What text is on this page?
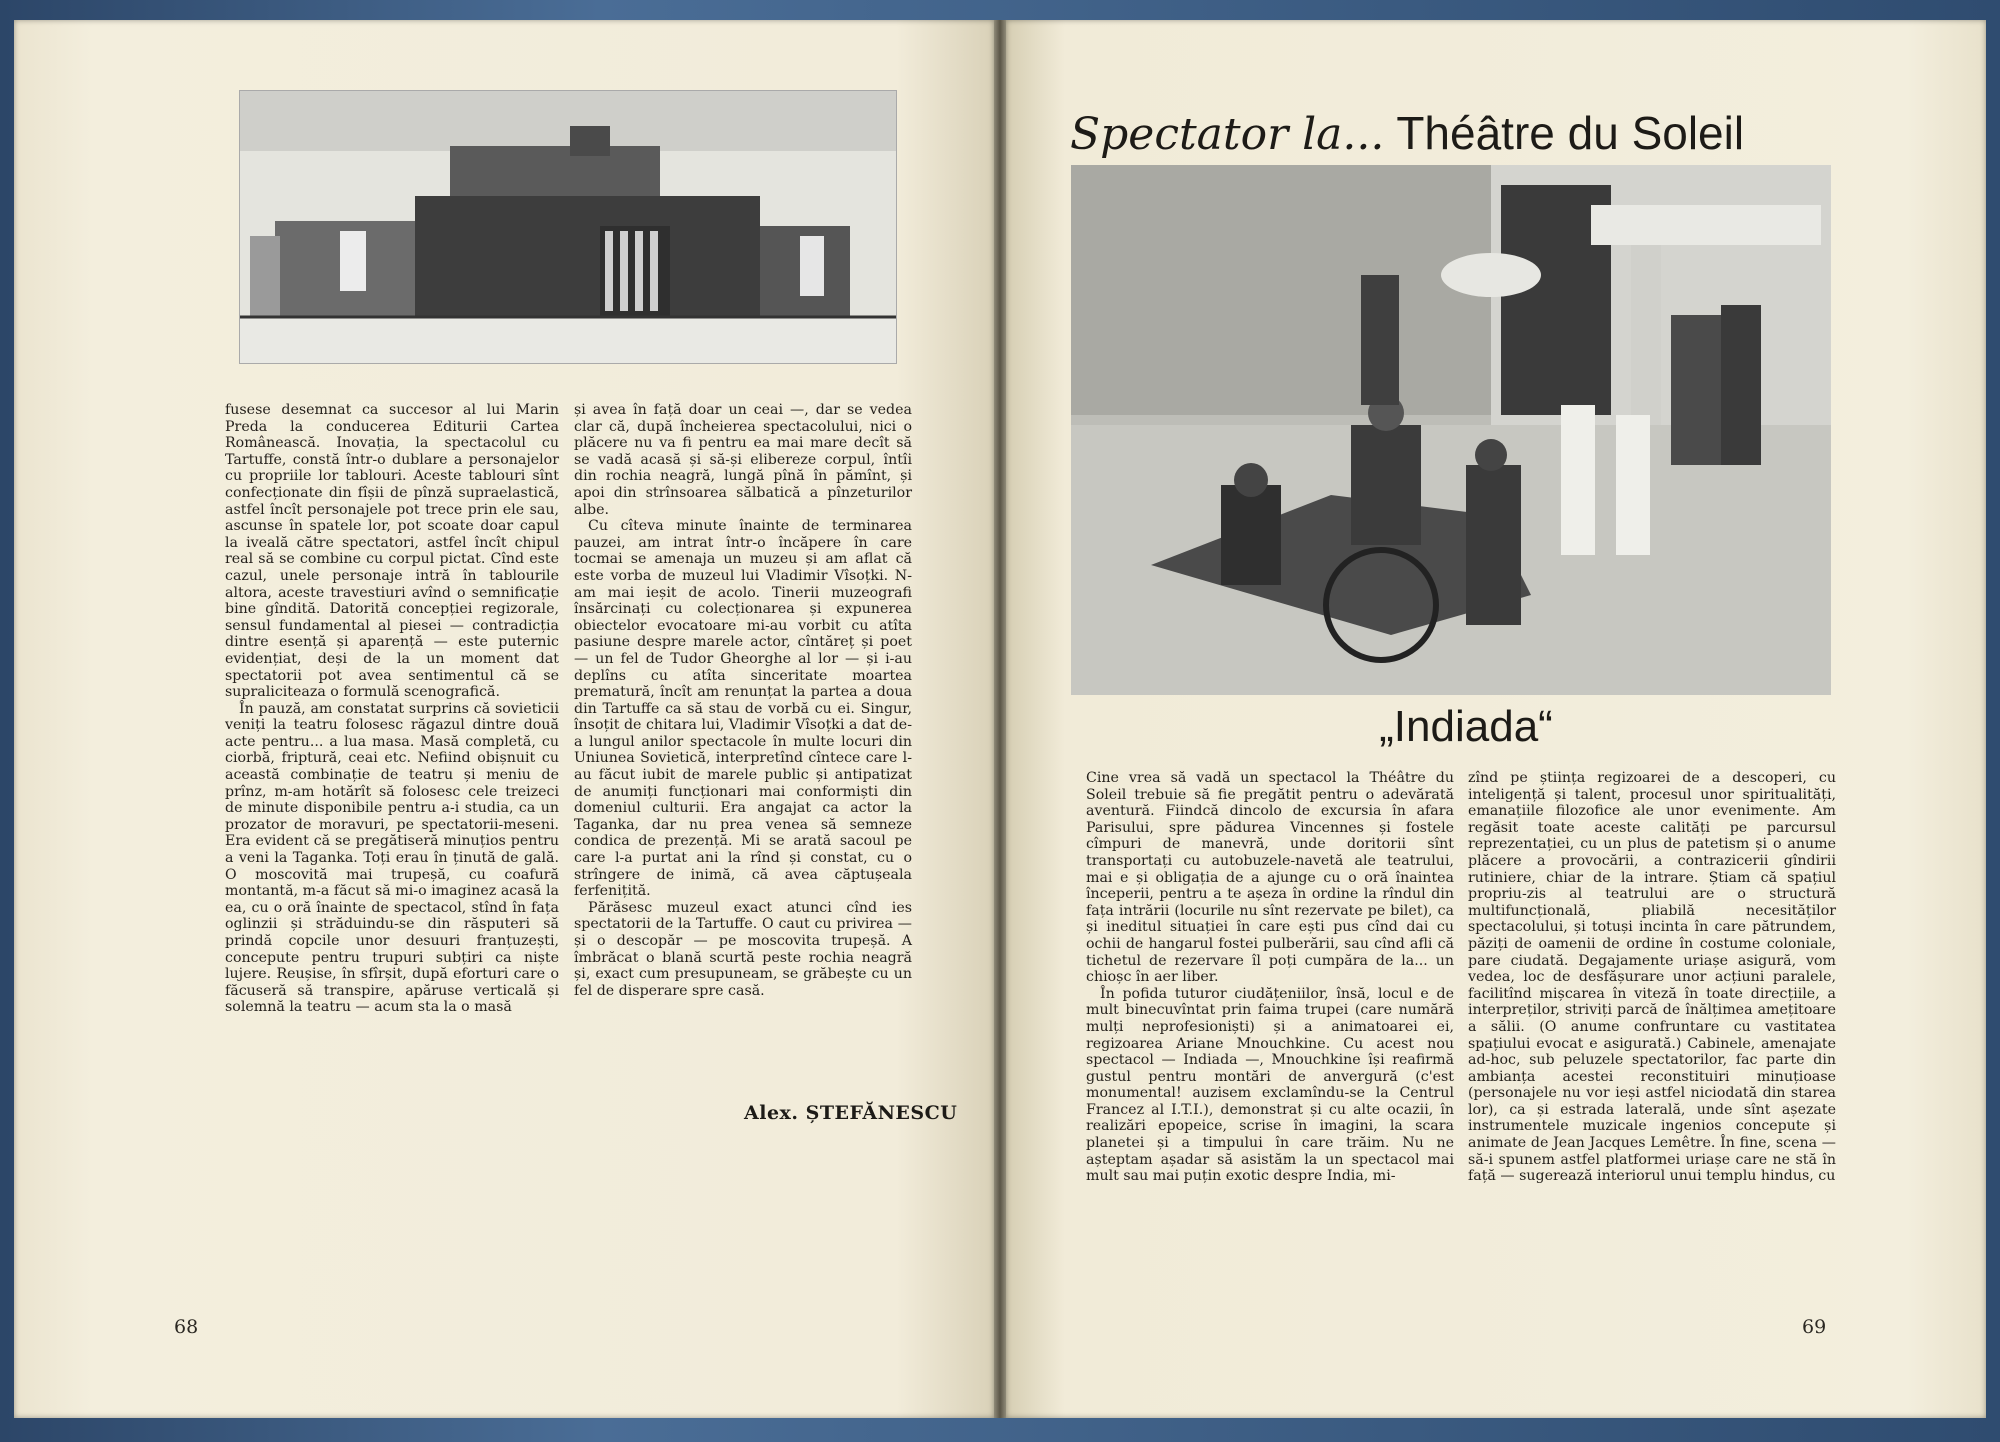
fusese desemnat ca succesor al lui Marin Preda la conducerea Editurii Cartea Românească. Inovația, la spectacolul cu Tartuffe, constă într-o dublare a personajelor cu propriile lor tablouri. Aceste tablouri sînt confecționate din fîșii de pînză supraelastică, astfel încît personajele pot trece prin ele sau, ascunse în spatele lor, pot scoate doar capul la iveală către spectatori, astfel încît chipul real să se combine cu corpul pictat. Cînd este cazul, unele personaje intră în tablourile altora, aceste travestiuri avînd o semnificație bine gîndită. Datorită concepției regizorale, sensul fundamental al piesei — contradicția dintre esență și aparență — este puternic evidențiat, deși de la un moment dat spectatorii pot avea sentimentul că se supraliciteaza o formulă scenografică.

În pauză, am constatat surprins că sovieticii veniți la teatru folosesc răgazul dintre două acte pentru... a lua masa. Masă completă, cu ciorbă, friptură, ceai etc. Nefiind obișnuit cu această combinație de teatru și meniu de prînz, m-am hotărît să folosesc cele treizeci de minute disponibile pentru a-i studia, ca un prozator de moravuri, pe spectatorii-meseni. Era evident că se pregătiseră minuțios pentru a veni la Taganka. Toți erau în ținută de gală. O moscovită mai trupeșă, cu coafură montantă, m-a făcut să mi-o imaginez acasă la ea, cu o oră înainte de spectacol, stînd în fața oglinzii și străduindu-se din răsputeri să prindă copcile unor desuuri franțuzești, concepute pentru trupuri subțiri ca niște lujere. Reușise, în sfîrșit, după eforturi care o făcuseră să transpire, apăruse verticală și solemnă la teatru — acum sta la o masă

și avea în față doar un ceai —, dar se vedea clar că, după încheierea spectacolului, nici o plăcere nu va fi pentru ea mai mare decît să se vadă acasă și să-și elibereze corpul, întîi din rochia neagră, lungă pînă în pămînt, și apoi din strînsoarea sălbatică a pînzeturilor albe.

Cu cîteva minute înainte de terminarea pauzei, am intrat într-o încăpere în care tocmai se amenaja un muzeu și am aflat că este vorba de muzeul lui Vladimir Vîsoțki. N-am mai ieșit de acolo. Tinerii muzeografi însărcinați cu colecționarea și expunerea obiectelor evocatoare mi-au vorbit cu atîta pasiune despre marele actor, cîntăreț și poet — un fel de Tudor Gheorghe al lor — și i-au deplîns cu atîta sinceritate moartea prematură, încît am renunțat la partea a doua din Tartuffe ca să stau de vorbă cu ei. Singur, însoțit de chitara lui, Vladimir Vîsoțki a dat de-a lungul anilor spectacole în multe locuri din Uniunea Sovietică, interpretînd cîntece care l-au făcut iubit de marele public și antipatizat de anumiți funcționari mai conformiști din domeniul culturii. Era angajat ca actor la Taganka, dar nu prea venea să semneze condica de prezență. Mi se arată sacoul pe care l-a purtat ani la rînd și constat, cu o strîngere de inimă, că avea căptușeala ferfenițită.

Părăsesc muzeul exact atunci cînd ies spectatorii de la Tartuffe. O caut cu privirea — și o descopăr — pe moscovita trupeșă. A îmbrăcat o blană scurtă peste rochia neagră și, exact cum presupuneam, se grăbește cu un fel de disperare spre casă.

Alex. ȘTEFĂNESCU
68
Spectator la... Théâtre du Soleil
„Indiada“

Cine vrea să vadă un spectacol la Théâtre du Soleil trebuie să fie pregătit pentru o adevărată aventură. Fiindcă dincolo de excursia în afara Parisului, spre pădurea Vincennes și fostele cîmpuri de manevră, unde doritorii sînt transportați cu autobuzele-navetă ale teatrului, mai e și obligația de a ajunge cu o oră înaintea începerii, pentru a te așeza în ordine la rîndul din fața intrării (locurile nu sînt rezervate pe bilet), ca și ineditul situației în care ești pus cînd dai cu ochii de hangarul fostei pulberării, sau cînd afli că tichetul de rezervare îl poți cumpăra de la... un chioșc în aer liber.

În pofida tuturor ciudățeniilor, însă, locul e de mult binecuvîntat prin faima trupei (care numără mulți neprofesioniști) și a animatoarei ei, regizoarea Ariane Mnouchkine. Cu acest nou spectacol — Indiada —, Mnouchkine își reafirmă gustul pentru montări de anvergură (c'est monumental! auzisem exclamîndu-se la Centrul Francez al I.T.I.), demonstrat și cu alte ocazii, în realizări epopeice, scrise în imagini, la scara planetei și a timpului în care trăim. Nu ne așteptam așadar să asistăm la un spectacol mai mult sau mai puțin exotic despre India, mi-

zînd pe știința regizoarei de a descoperi, cu inteligență și talent, procesul unor spiritualități, emanațiile filozofice ale unor evenimente. Am regăsit toate aceste calități pe parcursul reprezentației, cu un plus de patetism și o anume plăcere a provocării, a contrazicerii gîndirii rutiniere, chiar de la intrare. Știam că spațiul propriu-zis al teatrului are o structură multifuncțională, pliabilă necesităților spectacolului, și totuși incinta în care pătrundem, păziți de oamenii de ordine în costume coloniale, pare ciudată. Degajamente uriașe asigură, vom vedea, loc de desfășurare unor acțiuni paralele, facilitînd mișcarea în viteză în toate direcțiile, a interpreților, striviți parcă de înălțimea amețitoare a sălii. (O anume confruntare cu vastitatea spațiului evocat e asigurată.) Cabinele, amenajate ad-hoc, sub peluzele spectatorilor, fac parte din ambianța acestei reconstituiri minuțioase (personajele nu vor ieși astfel niciodată din starea lor), ca și estrada laterală, unde sînt așezate instrumentele muzicale ingenios concepute și animate de Jean Jacques Lemêtre. În fine, scena — să-i spunem astfel platformei uriașe care ne stă în față — sugerează interiorul unui templu hindus, cu

69
